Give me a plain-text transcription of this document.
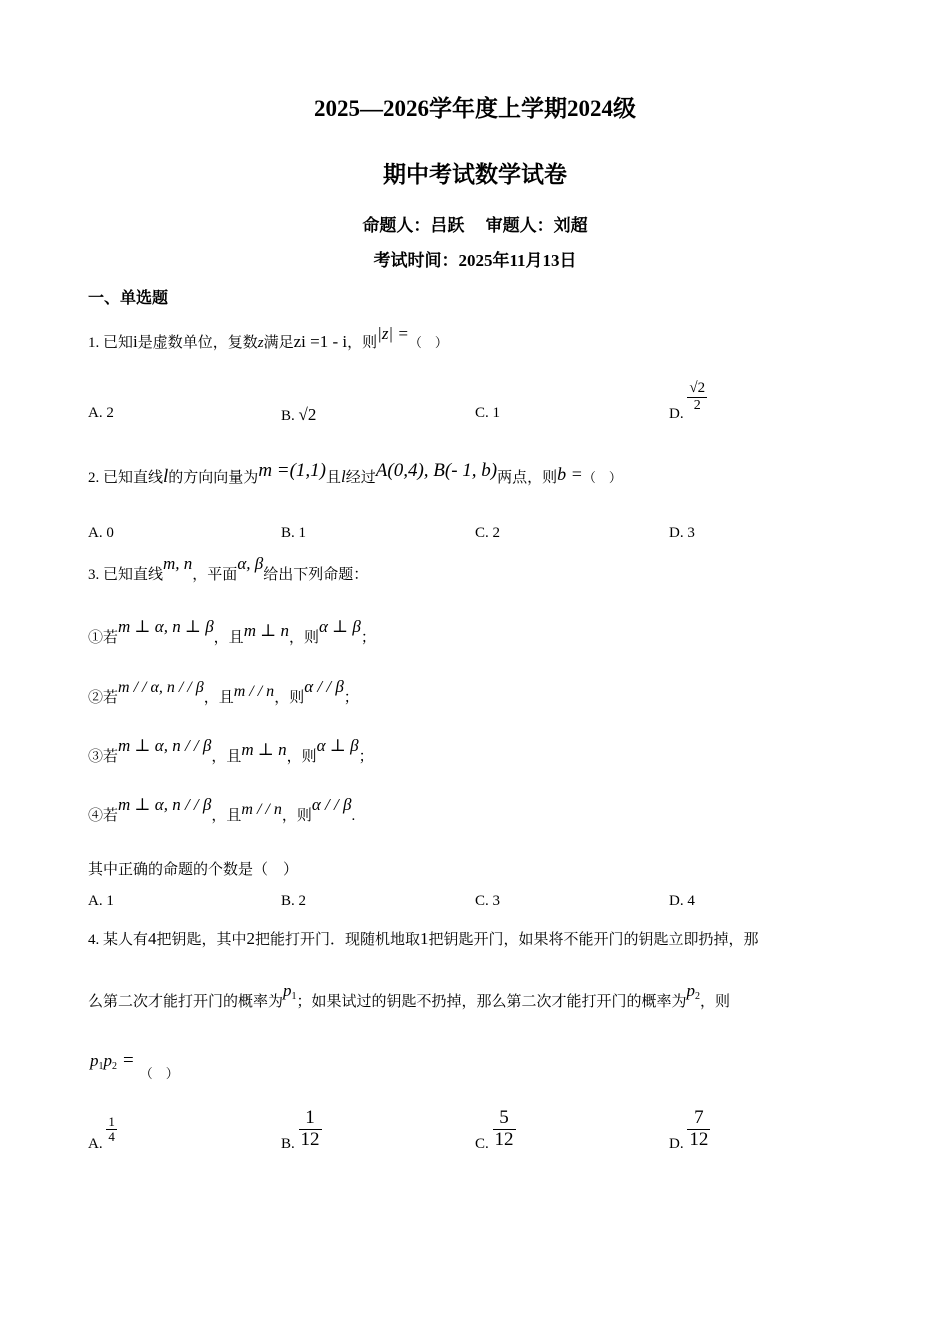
2025—2026学年度上学期2024级
期中考试数学试卷
命题人：吕跃　 审题人：刘超
考试时间：2025年11月13日
一、单选题
1. 已知i是虚数单位，复数z满足zi =1 - i，则|z| =（　）
A. 2	B. √2	C. 1	D.
$\frac{√2}{2}$
2. 已知直线l的方向向量为m =(1,1)且l经过A(0,4), B(- 1, b)两点，则b =（　）
A. 0	B. 1	C. 2	D. 3
3. 已知直线m, n，平面α, β给出下列命题：
①若m ⊥ α, n ⊥ β，且m ⊥ n，则α ⊥ β；
②若m / / α, n / / β，且m / / n，则α / / β；
③若m ⊥ α, n / / β，且m ⊥ n，则α ⊥ β；
④若m ⊥ α, n / / β，且m / / n，则α / / β.
其中正确的命题的个数是（　）
A. 1	B. 2	C. 3	D. 4
4. 某人有4把钥匙，其中2把能打开门．现随机地取1把钥匙开门，如果将不能开门的钥匙立即扔掉，那
么第二次才能打开门的概率为$p_1$；如果试过的钥匙不扔掉，那么第二次才能打开门的概率为$p_2$，则
$p_1p_2$ =（　）
A. $\frac{1}{4}$	B. $\frac{1}{12}$	C. $\frac{5}{12}$	D. $\frac{7}{12}$
